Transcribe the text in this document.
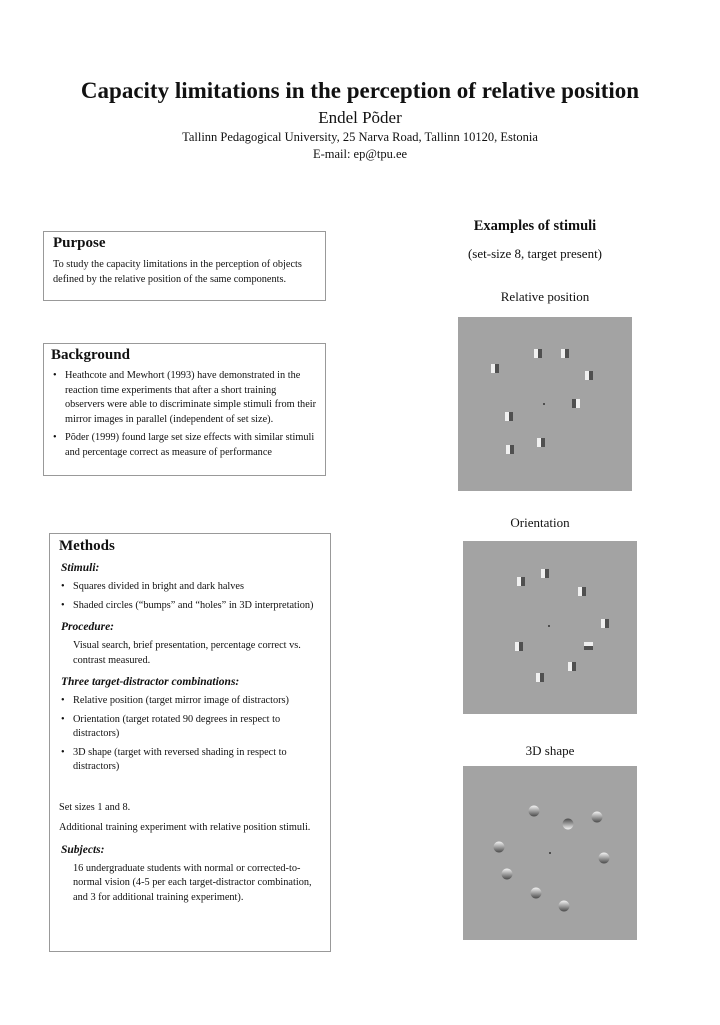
Capacity limitations in the perception of relative position
Endel Põder
Tallinn Pedagogical University, 25 Narva Road, Tallinn 10120, Estonia
E-mail: ep@tpu.ee
Purpose

To study the capacity limitations in the perception of objects defined by the relative position of the same components.

Background
• Heathcote and Mewhort (1993) have demonstrated in the reaction time experiments that after a short training observers were able to discriminate simple stimuli from their mirror images in parallel (independent of set size).
• Põder (1999) found large set size effects with similar stimuli and percentage correct as measure of performance
Methods
Stimuli:
• Squares divided in bright and dark halves
• Shaded circles (“bumps” and “holes” in 3D interpretation)
Procedure:

Visual search, brief presentation, percentage correct vs. contrast measured.

Three target-distractor combinations:
• Relative position (target mirror image of distractors)
• Orientation (target rotated 90 degrees in respect to distractors)
• 3D shape (target with reversed shading in respect to distractors)

Set sizes 1 and 8.

Additional training experiment with relative position stimuli.

Subjects:

16 undergraduate students with normal or corrected-to-normal vision (4-5 per each target-distractor combination, and 3 for additional training experiment).

Examples of stimuli
(set-size 8, target present)
Relative position
Orientation
3D shape
